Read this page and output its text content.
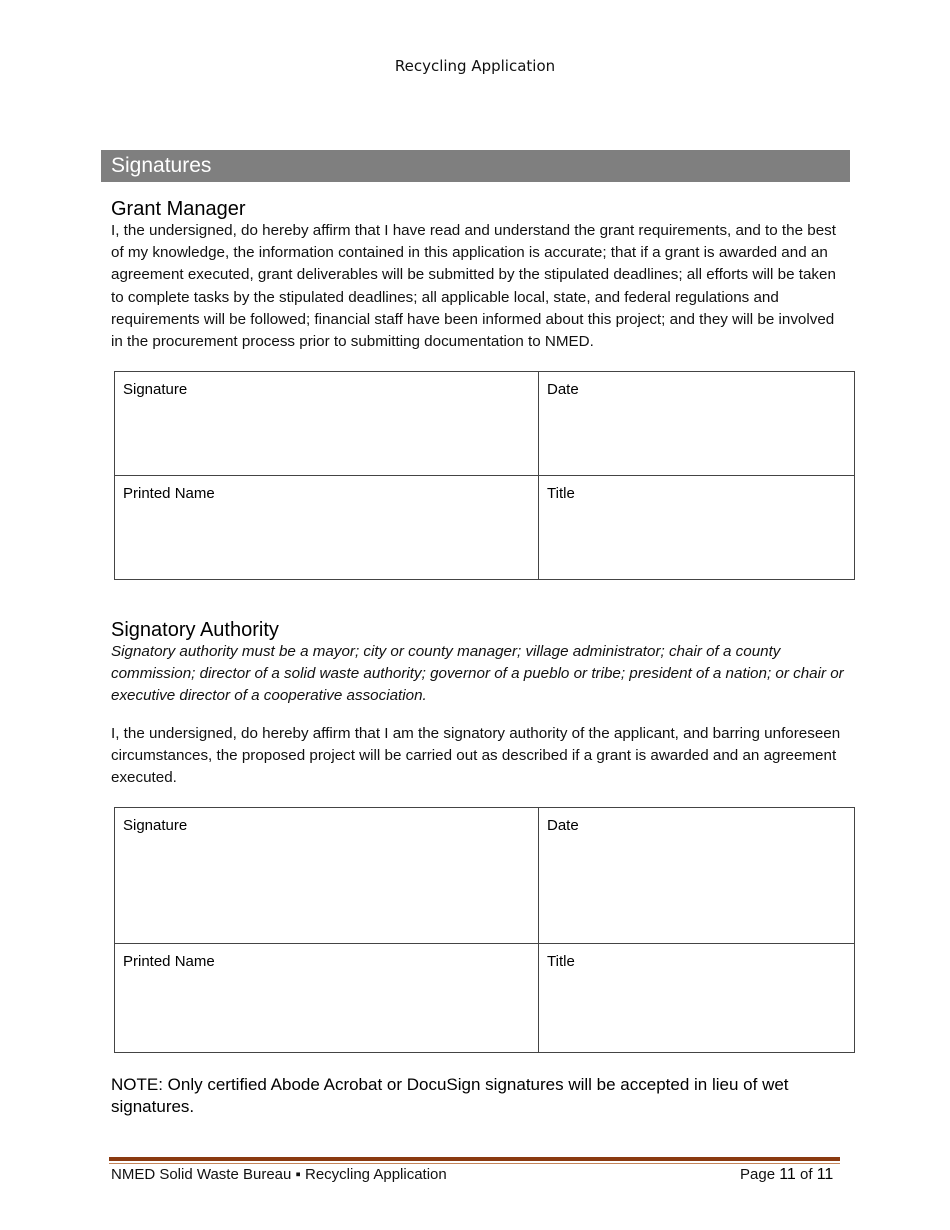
Recycling Application
Signatures
Grant Manager

I, the undersigned, do hereby affirm that I have read and understand the grant requirements, and to the best of my knowledge, the information contained in this application is accurate; that if a grant is awarded and an agreement executed, grant deliverables will be submitted by the stipulated deadlines; all efforts will be taken to complete tasks by the stipulated deadlines; all applicable local, state, and federal regulations and requirements will be followed; financial staff have been informed about this project; and they will be involved in the procurement process prior to submitting documentation to NMED.

Signature	Date
Printed Name	Title
Signatory Authority

Signatory authority must be a mayor; city or county manager; village administrator; chair of a county commission; director of a solid waste authority; governor of a pueblo or tribe; president of a nation; or chair or executive director of a cooperative association.

I, the undersigned, do hereby affirm that I am the signatory authority of the applicant, and barring unforeseen circumstances, the proposed project will be carried out as described if a grant is awarded and an agreement executed.

Signature	Date
Printed Name	Title

NOTE: Only certified Abode Acrobat or DocuSign signatures will be accepted in lieu of wet signatures.

NMED Solid Waste Bureau ▪ Recycling Application	Page 11 of 11
